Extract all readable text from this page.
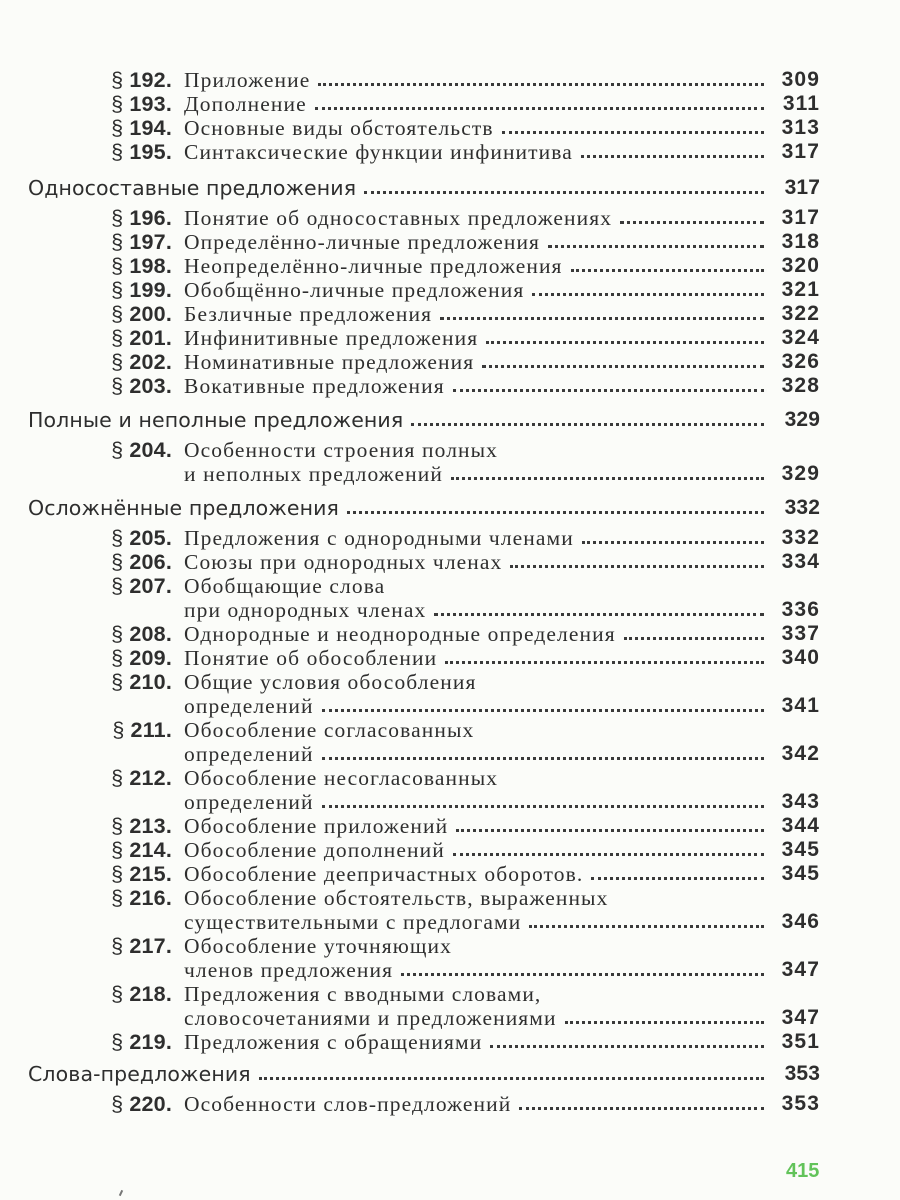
§ 192. Приложение	309
§ 193. Дополнение	311
§ 194. Основные виды обстоятельств	313
§ 195. Синтаксические функции инфинитива	317
Односоставные предложения	317
§ 196. Понятие об односоставных предложениях	317
§ 197. Определённо-личные предложения	318
§ 198. Неопределённо-личные предложения	320
§ 199. Обобщённо-личные предложения	321
§ 200. Безличные предложения	322
§ 201. Инфинитивные предложения	324
§ 202. Номинативные предложения	326
§ 203. Вокативные предложения	328
Полные и неполные предложения	329
§ 204. Особенности строения полных
и неполных предложений	329
Осложнённые предложения	332
§ 205. Предложения с однородными членами	332
§ 206. Союзы при однородных членах	334
§ 207. Обобщающие слова
при однородных членах	336
§ 208. Однородные и неоднородные определения	337
§ 209. Понятие об обособлении	340
§ 210. Общие условия обособления
определений	341
§ 211. Обособление согласованных
определений	342
§ 212. Обособление несогласованных
определений	343
§ 213. Обособление приложений	344
§ 214. Обособление дополнений	345
§ 215. Обособление деепричастных оборотов.	345
§ 216. Обособление обстоятельств, выраженных
существительными с предлогами	346
§ 217. Обособление уточняющих
членов предложения	347
§ 218. Предложения с вводными словами,
словосочетаниями и предложениями	347
§ 219. Предложения с обращениями	351
Слова-предложения	353
§ 220. Особенности слов-предложений	353
415
